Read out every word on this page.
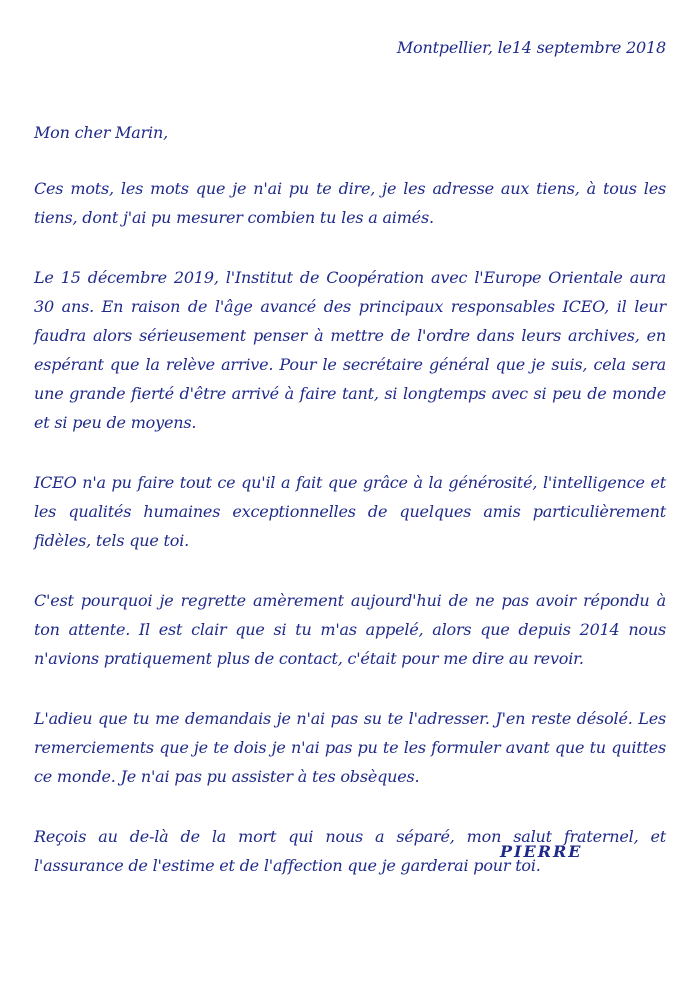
Montpellier, le14 septembre 2018
Mon cher Marin,

Ces mots, les mots que je n'ai pu te dire, je les adresse aux tiens, à tous les tiens, dont j'ai pu mesurer combien tu les a aimés.

Le 15 décembre 2019, l'Institut de Coopération avec l'Europe Orientale aura 30 ans. En raison de l'âge avancé des principaux responsables ICEO, il leur faudra alors sérieusement penser à mettre de l'ordre dans leurs archives, en espérant que la relève arrive. Pour le secrétaire général que je suis, cela sera une grande fierté d'être arrivé à faire tant, si longtemps avec si peu de monde et si peu de moyens.

ICEO n'a pu faire tout ce qu'il a fait que grâce à la générosité, l'intelligence et les qualités humaines exceptionnelles de quelques amis particulièrement fidèles, tels que toi.

C'est pourquoi je regrette amèrement aujourd'hui de ne pas avoir répondu à ton attente. Il est clair que si tu m'as appelé, alors que depuis 2014 nous n'avions pratiquement plus de contact, c'était pour me dire au revoir.

L'adieu que tu me demandais je n'ai pas su te l'adresser. J'en reste désolé. Les remerciements que je te dois je n'ai pas pu te les formuler avant que tu quittes ce monde. Je n'ai pas pu assister à tes obsèques.

Reçois au de-là de la mort qui nous a séparé, mon salut fraternel, et l'assurance de l'estime et de l'affection que je garderai pour toi.

PIERRE
